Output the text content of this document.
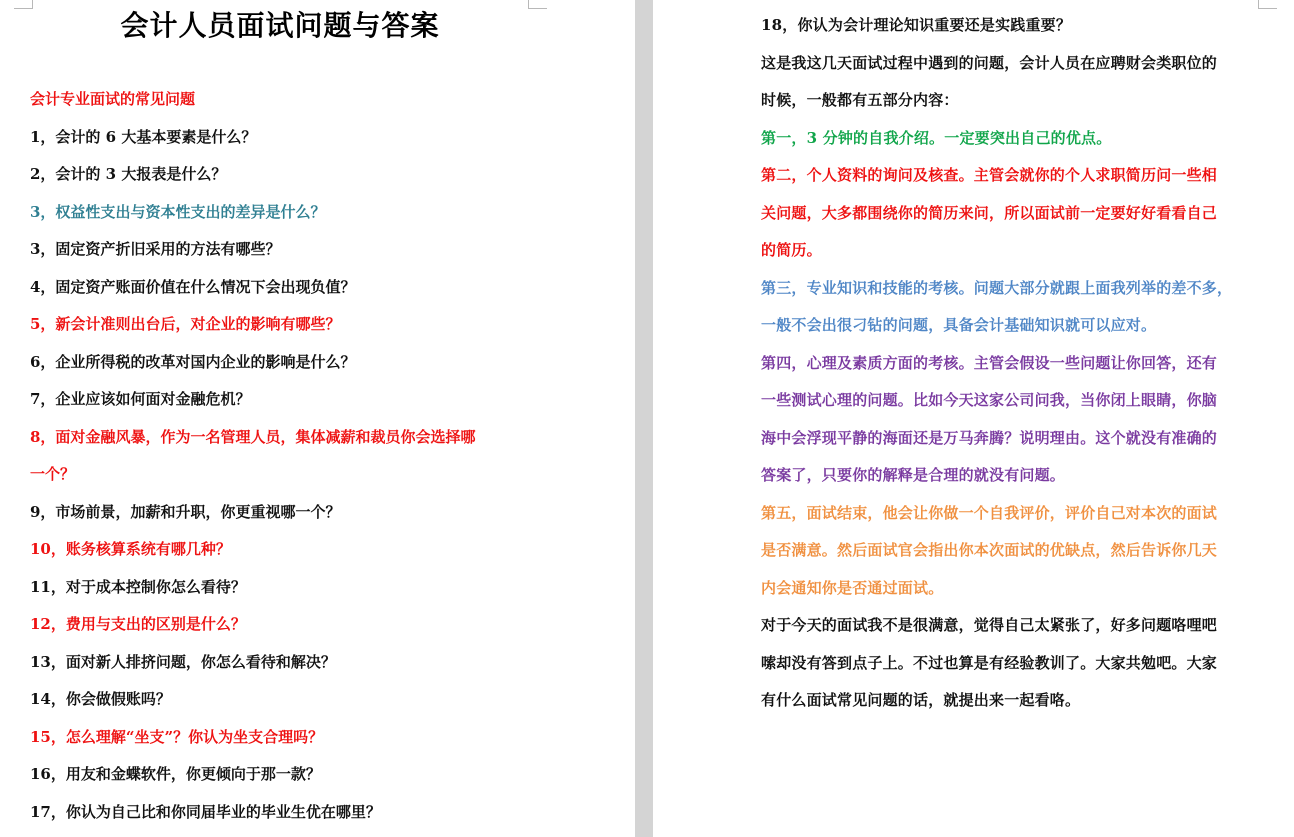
会计人员面试问题与答案
会计专业面试的常见问题
1，会计的 6 大基本要素是什么？
2，会计的 3 大报表是什么？
3，权益性支出与资本性支出的差异是什么？
3，固定资产折旧采用的方法有哪些？
4，固定资产账面价值在什么情况下会出现负值？
5，新会计准则出台后，对企业的影响有哪些？
6，企业所得税的改革对国内企业的影响是什么？
7，企业应该如何面对金融危机？
8，面对金融风暴，作为一名管理人员，集体减薪和裁员你会选择哪
一个？
9，市场前景，加薪和升职，你更重视哪一个？
10，账务核算系统有哪几种？
11，对于成本控制你怎么看待？
12，费用与支出的区别是什么？
13，面对新人排挤问题，你怎么看待和解决？
14，你会做假账吗？
15，怎么理解“坐支”？你认为坐支合理吗？
16，用友和金蝶软件，你更倾向于那一款？
17，你认为自己比和你同届毕业的毕业生优在哪里？
18，你认为会计理论知识重要还是实践重要？
这是我这几天面试过程中遇到的问题，会计人员在应聘财会类职位的
时候，一般都有五部分内容：
第一，3 分钟的自我介绍。一定要突出自己的优点。
第二，个人资料的询问及核查。主管会就你的个人求职简历问一些相
关问题，大多都围绕你的简历来问，所以面试前一定要好好看看自己
的简历。
第三，专业知识和技能的考核。问题大部分就跟上面我列举的差不多，
一般不会出很刁钻的问题，具备会计基础知识就可以应对。
第四，心理及素质方面的考核。主管会假设一些问题让你回答，还有
一些测试心理的问题。比如今天这家公司问我，当你闭上眼睛，你脑
海中会浮现平静的海面还是万马奔腾？说明理由。这个就没有准确的
答案了，只要你的解释是合理的就没有问题。
第五，面试结束，他会让你做一个自我评价，评价自己对本次的面试
是否满意。然后面试官会指出你本次面试的优缺点，然后告诉你几天
内会通知你是否通过面试。
对于今天的面试我不是很满意，觉得自己太紧张了，好多问题咯哩吧
嗦却没有答到点子上。不过也算是有经验教训了。大家共勉吧。大家
有什么面试常见问题的话，就提出来一起看咯。
